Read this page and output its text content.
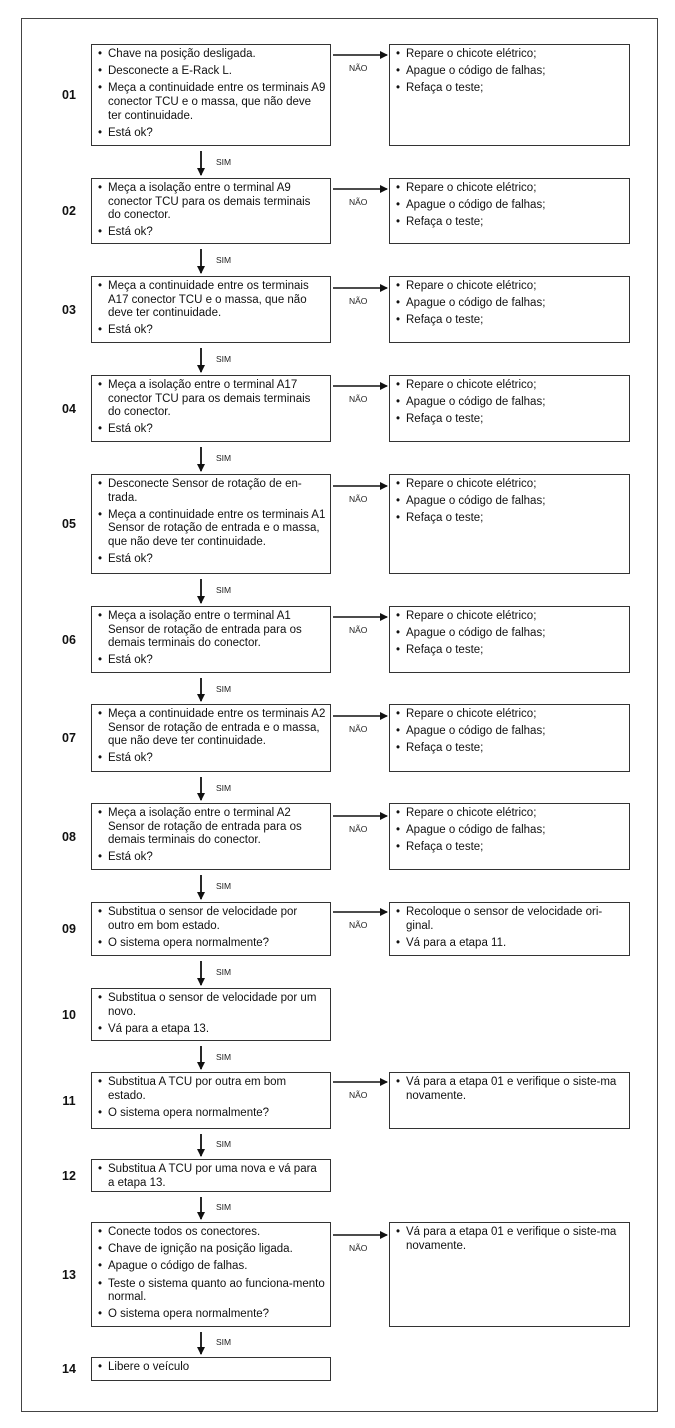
01
• Chave na posição desligada.
• Desconecte a E-Rack L.
• Meça a continuidade entre os terminais A9 conector TCU e o massa, que não deve ter continuidade.
• Está ok?
• Repare o chicote elétrico;
• Apague o código de falhas;
• Refaça o teste;
NÃO
SIM
02
• Meça a isolação entre o terminal A9 conector TCU para os demais terminais do conector.
• Está ok?
• Repare o chicote elétrico;
• Apague o código de falhas;
• Refaça o teste;
NÃO
SIM
03
• Meça a continuidade entre os terminais A17 conector TCU e o massa, que não deve ter continuidade.
• Está ok?
• Repare o chicote elétrico;
• Apague o código de falhas;
• Refaça o teste;
NÃO
SIM
04
• Meça a isolação entre o terminal A17 conector TCU para os demais terminais do conector.
• Está ok?
• Repare o chicote elétrico;
• Apague o código de falhas;
• Refaça o teste;
NÃO
SIM
05
• Desconecte Sensor de rotação de en-trada.
• Meça a continuidade entre os terminais A1 Sensor de rotação de entrada e o massa, que não deve ter continuidade.
• Está ok?
• Repare o chicote elétrico;
• Apague o código de falhas;
• Refaça o teste;
NÃO
SIM
06
• Meça a isolação entre o terminal A1 Sensor de rotação de entrada para os demais terminais do conector.
• Está ok?
• Repare o chicote elétrico;
• Apague o código de falhas;
• Refaça o teste;
NÃO
SIM
07
• Meça a continuidade entre os terminais A2 Sensor de rotação de entrada e o massa, que não deve ter continuidade.
• Está ok?
• Repare o chicote elétrico;
• Apague o código de falhas;
• Refaça o teste;
NÃO
SIM
08
• Meça a isolação entre o terminal A2 Sensor de rotação de entrada para os demais terminais do conector.
• Está ok?
• Repare o chicote elétrico;
• Apague o código de falhas;
• Refaça o teste;
NÃO
SIM
09
• Substitua o sensor de velocidade por outro em bom estado.
• O sistema opera normalmente?
• Recoloque o sensor de velocidade ori-ginal.
• Vá para a etapa 11.
NÃO
SIM
10
• Substitua o sensor de velocidade por um novo.
• Vá para a etapa 13.
SIM
11
• Substitua A TCU por outra em bom estado.
• O sistema opera normalmente?
• Vá para a etapa 01 e verifique o siste-ma novamente.
NÃO
SIM
12	• Substitua A TCU por uma nova e vá para a etapa 13.
SIM
13
• Conecte todos os conectores.
• Chave de ignição na posição ligada.
• Apague o código de falhas.
• Teste o sistema quanto ao funciona-mento normal.
• O sistema opera normalmente?
• Vá para a etapa 01 e verifique o siste-ma novamente.
NÃO
SIM
14	• Libere o veículo
